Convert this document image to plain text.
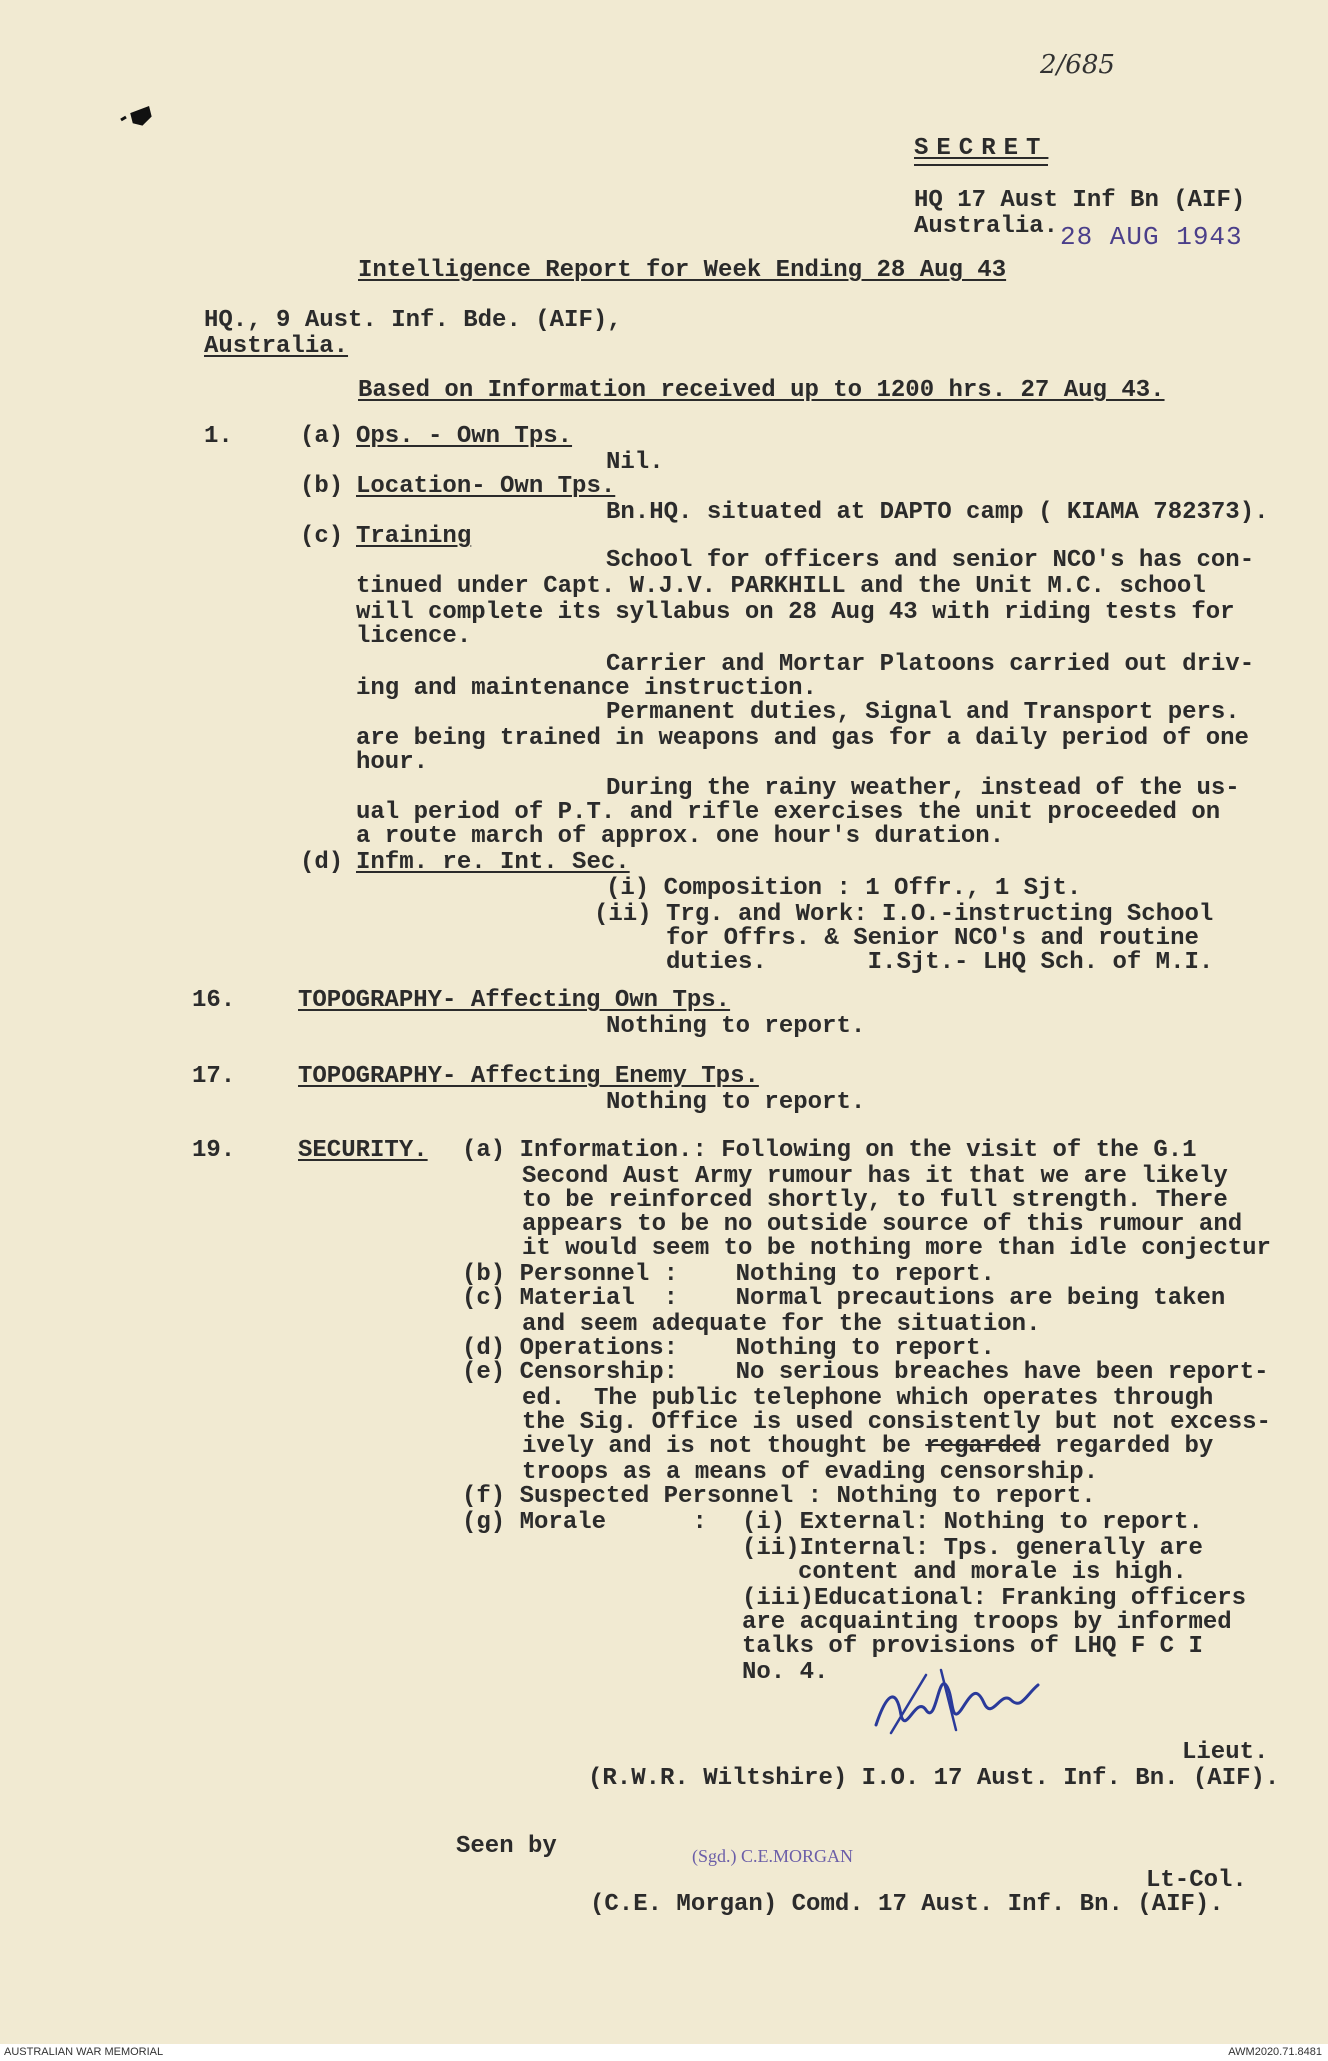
2/685
SECRET
HQ 17 Aust Inf Bn (AIF)
Australia. 28 AUG 1943
Intelligence Report for Week Ending 28 Aug 43
HQ., 9 Aust. Inf. Bde. (AIF),
Australia.
Based on Information received up to 1200 hrs. 27 Aug 43.
1.	(a) Ops. - Own Tps.
Nil.
(b) Location- Own Tps.
Bn.HQ. situated at DAPTO camp ( KIAMA 782373).
(c) Training
School for officers and senior NCO's has con-
tinued under Capt. W.J.V. PARKHILL and the Unit M.C. school
will complete its syllabus on 28 Aug 43 with riding tests for
licence.
Carrier and Mortar Platoons carried out driv-
ing and maintenance instruction.
Permanent duties, Signal and Transport pers.
are being trained in weapons and gas for a daily period of one
hour.
During the rainy weather, instead of the us-
ual period of P.T. and rifle exercises the unit proceeded on
a route march of approx. one hour's duration.
(d) Infm. re. Int. Sec.
(i) Composition : 1 Offr., 1 Sjt.
(ii) Trg. and Work: I.O.-instructing School
for Offrs. & Senior NCO's and routine
duties.       I.Sjt.- LHQ Sch. of M.I.
16.	TOPOGRAPHY- Affecting Own Tps.
Nothing to report.
17.	TOPOGRAPHY- Affecting Enemy Tps.
Nothing to report.
19.	SECURITY. (a) Information.: Following on the visit of the G.1
Second Aust Army rumour has it that we are likely
to be reinforced shortly, to full strength. There
appears to be no outside source of this rumour and
it would seem to be nothing more than idle conjectur
(b) Personnel :    Nothing to report.
(c) Material  :    Normal precautions are being taken
and seem adequate for the situation.
(d) Operations:    Nothing to report.
(e) Censorship:    No serious breaches have been report-
ed.  The public telephone which operates through
the Sig. Office is used consistently but not excess-
ively and is not thought be regarded regarded by
troops as a means of evading censorship.
(f) Suspected Personnel : Nothing to report.
(g) Morale      : (i) External: Nothing to report.
(ii)Internal: Tps. generally are
content and morale is high.
(iii)Educational: Franking officers
are acquainting troops by informed
talks of provisions of LHQ F C I
No. 4.
Lieut.
(R.W.R. Wiltshire) I.O. 17 Aust. Inf. Bn. (AIF).
Seen by	(Sgd.) C.E.MORGAN
Lt-Col.
(C.E. Morgan) Comd. 17 Aust. Inf. Bn. (AIF).
AUSTRALIAN WAR MEMORIAL	AWM2020.71.8481
